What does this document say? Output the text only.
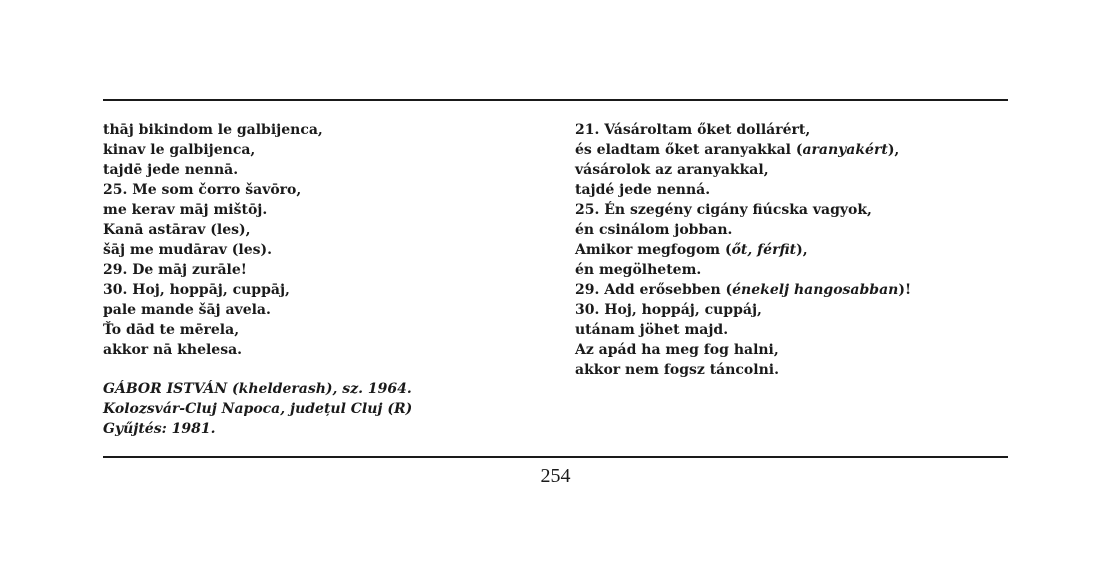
thāj bikindom le galbijenca,
kinav le galbijenca,
tajdē jede nennā.
25. Me som čorro šavōro,
me kerav māj mištōj.
Kanā astārav (les),
šāj me mudārav (les).
29. De māj zurāle!
30. Hoj, hoppāj, cuppāj,
pale mande šāj avela.
Ťo dād te mērela,
akkor nā khelesa.
21. Vásároltam őket dollárért,
és eladtam őket aranyakkal (aranyakért),
vásárolok az aranyakkal,
tajdé jede nenná.
25. Én szegény cigány fiúcska vagyok,
én csinálom jobban.
Amikor megfogom (őt, férfit),
én megölhetem.
29. Add erősebben (énekelj hangosabban)!
30. Hoj, hoppáj, cuppáj,
utánam jöhet majd.
Az apád ha meg fog halni,
akkor nem fogsz táncolni.
GÁBOR ISTVÁN (khelderash), sz. 1964.
Kolozsvár-Cluj Napoca, județul Cluj (R)
Gyűjtés: 1981.
254
